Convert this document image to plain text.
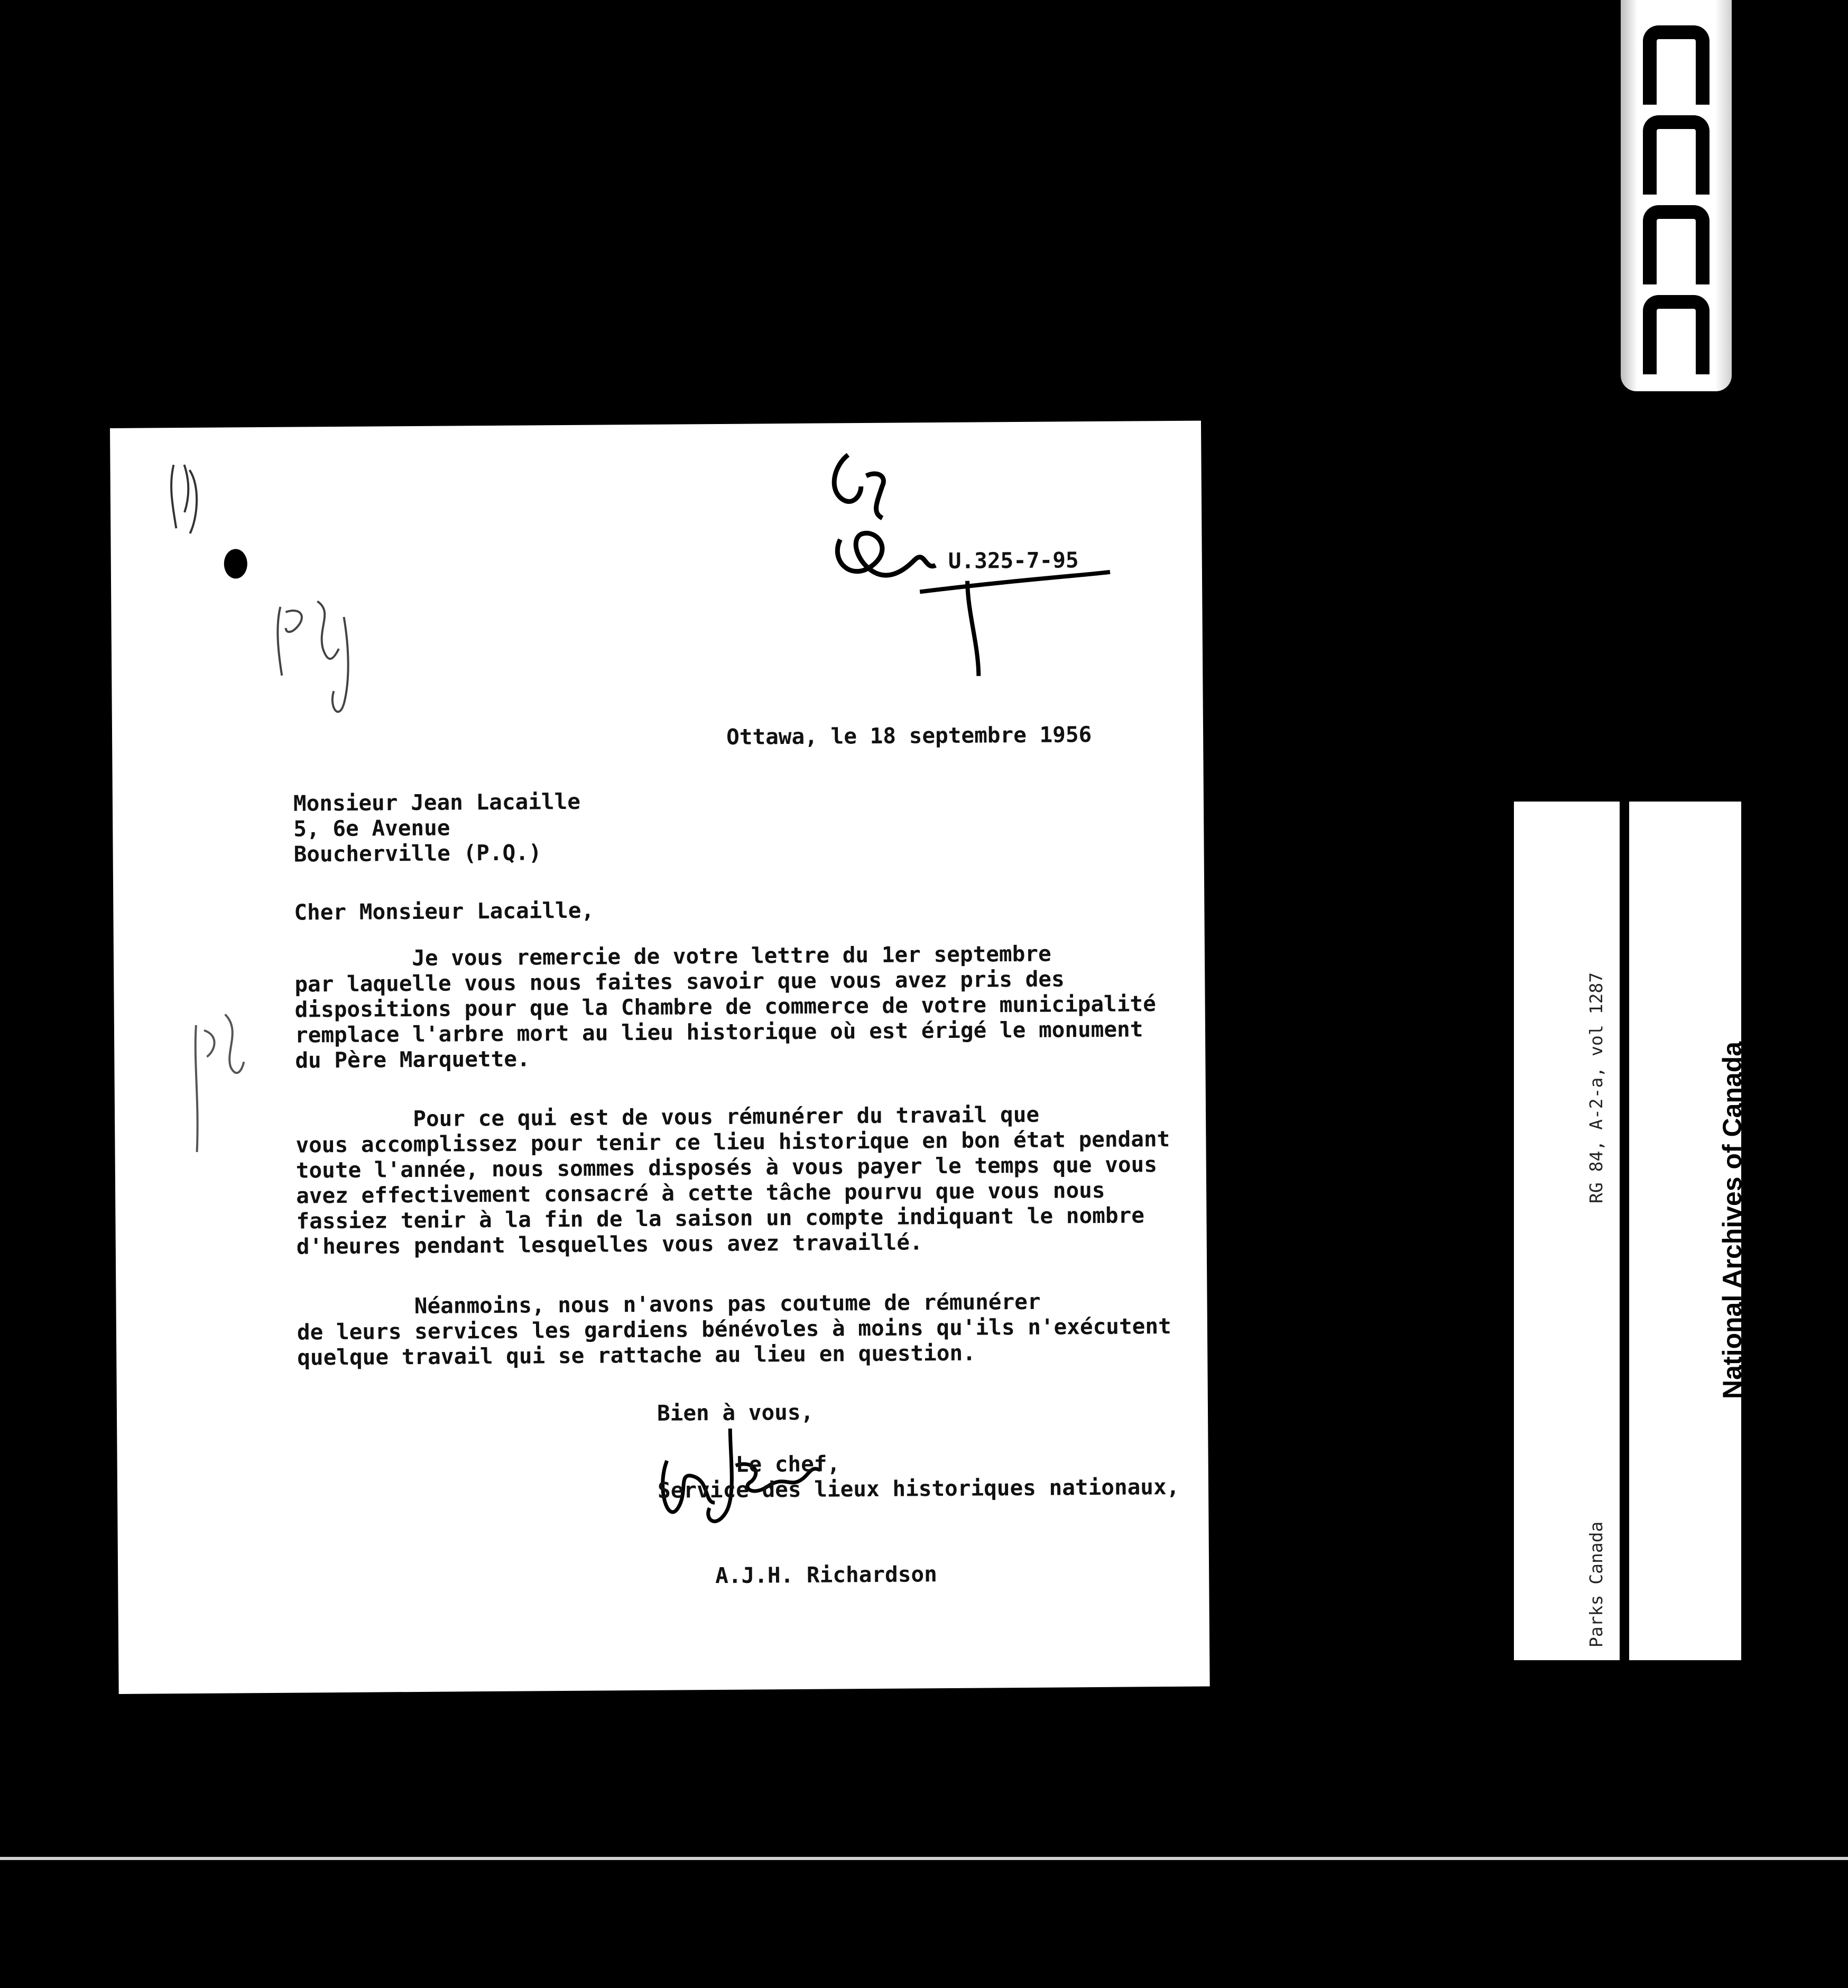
U.325-7-95
Ottawa, le 18 septembre 1956
Monsieur Jean Lacaille
5, 6e Avenue
Boucherville (P.Q.)
Cher Monsieur Lacaille,
Je vous remercie de votre lettre du 1er septembre
par laquelle vous nous faites savoir que vous avez pris des
dispositions pour que la Chambre de commerce de votre municipalité
remplace l'arbre mort au lieu historique où est érigé le monument
du Père Marquette.
Pour ce qui est de vous rémunérer du travail que
vous accomplissez pour tenir ce lieu historique en bon état pendant
toute l'année, nous sommes disposés à vous payer le temps que vous
avez effectivement consacré à cette tâche pourvu que vous nous
fassiez tenir à la fin de la saison un compte indiquant le nombre
d'heures pendant lesquelles vous avez travaillé.
Néanmoins, nous n'avons pas coutume de rémunérer
de leurs services les gardiens bénévoles à moins qu'ils n'exécutent
quelque travail qui se rattache au lieu en question.
Bien à vous,
Le chef,
Service des lieux historiques nationaux,
A.J.H. Richardson

	Parks Canada

RG 84, A-2-a, vol 1287

	National Archives of Canada

Archives nationales du Canada
